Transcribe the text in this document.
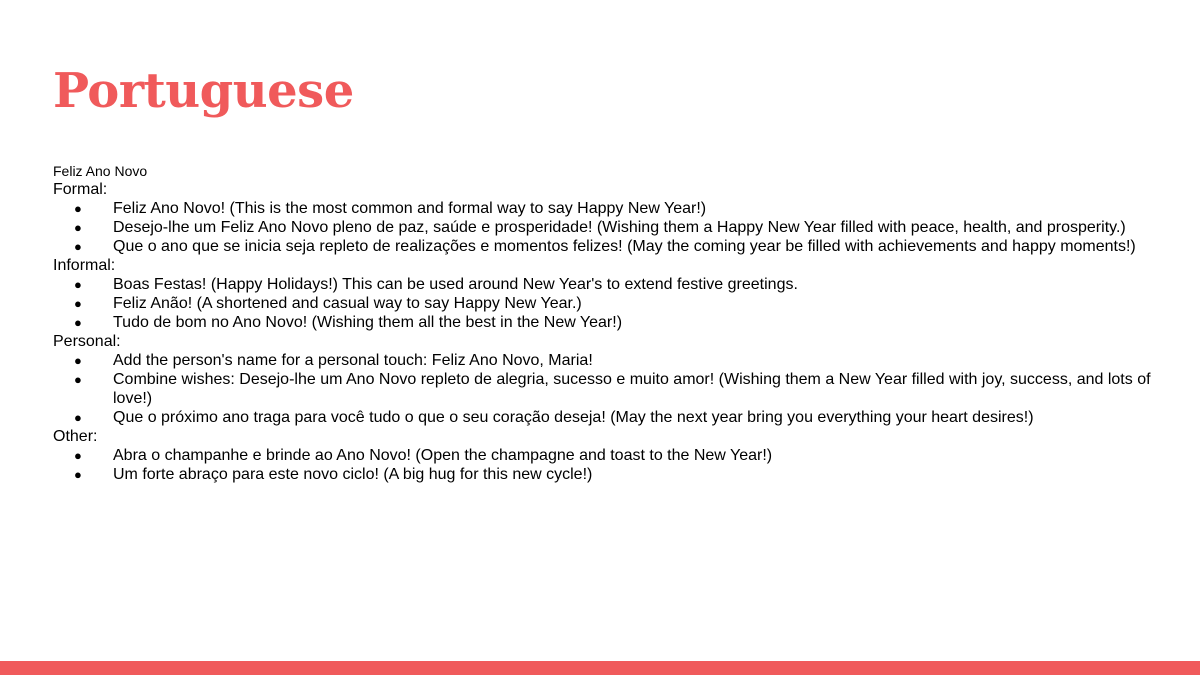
Portuguese
Feliz Ano Novo
Formal:
● Feliz Ano Novo! (This is the most common and formal way to say Happy New Year!)
● Desejo-lhe um Feliz Ano Novo pleno de paz, saúde e prosperidade! (Wishing them a Happy New Year filled with peace, health, and prosperity.)
● Que o ano que se inicia seja repleto de realizações e momentos felizes! (May the coming year be filled with achievements and happy moments!)
Informal:
● Boas Festas! (Happy Holidays!) This can be used around New Year's to extend festive greetings.
● Feliz Anão! (A shortened and casual way to say Happy New Year.)
● Tudo de bom no Ano Novo! (Wishing them all the best in the New Year!)
Personal:
● Add the person's name for a personal touch: Feliz Ano Novo, Maria!
● Combine wishes: Desejo-lhe um Ano Novo repleto de alegria, sucesso e muito amor! (Wishing them a New Year filled with joy, success, and lots of love!)
● Que o próximo ano traga para você tudo o que o seu coração deseja! (May the next year bring you everything your heart desires!)
Other:
● Abra o champanhe e brinde ao Ano Novo! (Open the champagne and toast to the New Year!)
● Um forte abraço para este novo ciclo! (A big hug for this new cycle!)
